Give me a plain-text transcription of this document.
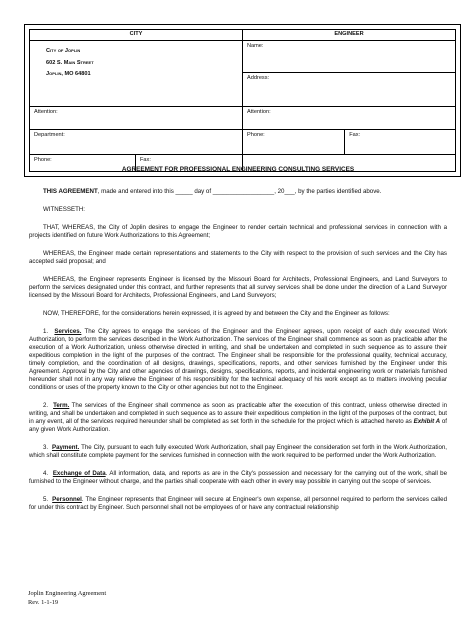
CITY	ENGINEER	

City of Joplin
602 S. Main Street
Joplin, MO 64801	Name:	
	Address:	
Attention:	Attention:	
Department:	Phone:	Fax:

Phone: Fax:		

AGREEMENT FOR PROFESSIONAL ENGINEERING CONSULTING SERVICES
THIS AGREEMENT, made and entered into this _____ day of __________________, 20___, by the parties identified above.
WITNESSETH:
THAT, WHEREAS, the City of Joplin desires to engage the Engineer to render certain technical and professional services in connection with a projects identified on future Work Authorizations to this Agreement;
WHEREAS, the Engineer made certain representations and statements to the City with respect to the provision of such services and the City has accepted said proposal; and
WHEREAS, the Engineer represents Engineer is licensed by the Missouri Board for Architects, Professional Engineers, and Land Surveyors to perform the services designated under this contract, and further represents that all survey services shall be done under the direction of a Land Surveyor licensed by the Missouri Board for Architects, Professional Engineers, and Land Surveyors;
NOW, THEREFORE, for the considerations herein expressed, it is agreed by and between the City and the Engineer as follows:
1. Services. The City agrees to engage the services of the Engineer and the Engineer agrees, upon receipt of each duly executed Work Authorization, to perform the services described in the Work Authorization. The services of the Engineer shall commence as soon as practicable after the execution of a Work Authorization, unless otherwise directed in writing, and shall be undertaken and completed in such sequence as to assure their expeditious completion in the light of the purposes of the contract. The Engineer shall be responsible for the professional quality, technical accuracy, timely completion, and the coordination of all designs, drawings, specifications, reports, and other services furnished by the Engineer under this Agreement. Approval by the City and other agencies of drawings, designs, specifications, reports, and incidental engineering work or materials furnished hereunder shall not in any way relieve the Engineer of his responsibility for the technical adequacy of his work except as to matters involving peculiar conditions or uses of the property known to the City or other agencies but not to the Engineer.
2. Term. The services of the Engineer shall commence as soon as practicable after the execution of this contract, unless otherwise directed in writing, and shall be undertaken and completed in such sequence as to assure their expeditious completion in the light of the purposes of the contract, but in any event, all of the services required hereunder shall be completed as set forth in the schedule for the project which is attached hereto as Exhibit A of any given Work Authorization.
3. Payment. The City, pursuant to each fully executed Work Authorization, shall pay Engineer the consideration set forth in the Work Authorization, which shall constitute complete payment for the services furnished in connection with the work required to be performed under the Work Authorization.
4. Exchange of Data. All information, data, and reports as are in the City's possession and necessary for the carrying out of the work, shall be furnished to the Engineer without charge, and the parties shall cooperate with each other in every way possible in carrying out the scope of services.
5. Personnel. The Engineer represents that Engineer will secure at Engineer's own expense, all personnel required to perform the services called for under this contract by Engineer. Such personnel shall not be employees of or have any contractual relationship
Joplin Engineering Agreement
Rev. 1-1-19
